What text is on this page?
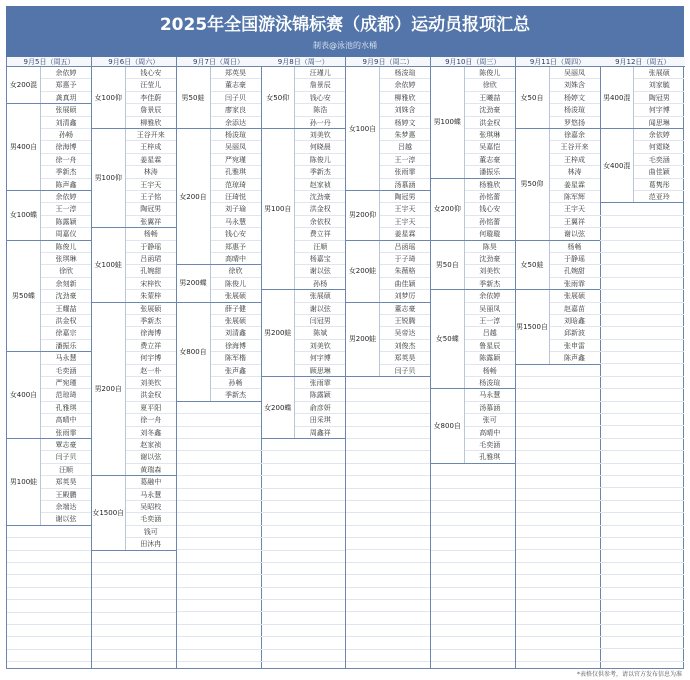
2025年全国游泳锦标赛（成都）运动员报项汇总
制表@泳池的水桶
9月5日（周五）
女200混
余依婷
郑惠予
龚真玥
男400自
张展硕
刘清鑫
孙畅
徐海博
徐一舟
季新杰
陈声鑫
女100蝶
余依婷
王一淳
陈露颖
周嘉仪
男50蝶
陈俊儿
张琪琳
徐欣
余刻新
沈劲豪
王耀喆
洪金权
徐嘉宗
潘振乐
女400自
马永慧
毛奕涵
严宛瑾
范琼琦
孔雅琪
高晴中
张雨霏
男100蛙
覃志豪
闫子贝
汪顺
郑英昊
王殿鹏
余端达
谢以弦
9月6日（周六）
女100仰
钱心安
汪莹儿
李佳蔚
詹景辰
柳雅欣
男100仰
王谷开来
王梓成
姜星霖
林涛
王宇天
王子铭
陶冠男
张翼祥
女100蛙
杨畅
于静瑶
吕函珺
孔婉甜
宋梓钦
朱蒙梓
男200自
张展硕
季新杰
徐海博
费立祥
何宇博
赵一朴
刘美钦
洪金权
夏平阳
徐一舟
刘冬鑫
赵家祯
谢以弦
黄瑞森
女1500自
葛融中
马永慧
吴昭校
毛奕涵
钱可
田沐冉
9月7日（周日）
男50蛙
郑英昊
董志豪
闫子贝
廖家良
余添达
女200自
杨浚瑄
吴丽凤
严宛瑾
孔雅琪
范琼琦
汪琦悦
刘子瑜
马永慧
钱心安
郑惠予
高晴中
男200蝶
徐欣
陈俊儿
张展硕
女800自
薛子健
张展硕
刘清鑫
徐海博
陈军楷
张声鑫
孙畅
季新杰
9月8日（周一）
女50仰
汪瑾儿
詹景辰
钱心安
陈浩
孙一丹
男100自
刘美钦
何晓晨
陈俊儿
季新杰
赵家祯
沈劲豪
洪金权
余依权
费立祥
汪顺
杨嘉宝
谢以弦
孙杨
男200蛙
张展硕
谢以弦
闫冠男
陈斌
刘美钦
何宇博
顾思琳
女200蝶
张雨霏
陈露颖
俞彦妍
田采琪
周鑫祥
9月9日（周二）
女100自
杨浚瑄
余依婷
柳雅欣
刘姝含
杨婷文
朱梦惠
吕越
王一淳
张雨霏
汤慕涵
男200仰
陶冠男
王宇天
王宇天
姜星霖
女200蛙
吕函瑶
于子琦
朱薇格
曲佳颖
刘梦厉
男200蛙
董志豪
王锐腾
吴帝达
刘俊杰
郑英昊
闫子贝
9月10日（周三）
男100蝶
陈俊儿
徐欣
王曦喆
沈劲豪
洪金权
张琪琳
吴嘉恺
董志豪
潘振乐
女200仰
杨雅欣
孙铭蕾
钱心安
孙铭蕾
何璇璇
男50自
陈昊
沈劲豪
刘美钦
季新杰
女50蝶
余依婷
吴丽凤
王一淳
吕越
鲁星辰
陈露颖
杨畅
杨浚瑄
女800自
马永慧
汤慕涵
张可
高晴中
毛奕涵
孔雅琪
9月11日（周四）
女50自
吴丽凤
刘姝含
杨婷文
杨浚瑄
罗悠扬
男50仰
徐嘉余
王谷开来
王梓成
林涛
姜星霖
陈军辉
王宇天
王翼祥
谢以弦
女50蛙
杨畅
于静瑶
孔婉甜
张雨霏
男1500自
张展硕
赵嘉苗
刘晗鑫
邱新波
张申雷
陈声鑫
9月12日（周五）
男400混
张展硕
刘家毓
陶冠男
何宇博
闻思琳
女400混
余依婷
何霓晓
毛奕涵
曲佳颖
葛隽彤
范亚玲
*表格仅供参考，请以官方发布信息为准
